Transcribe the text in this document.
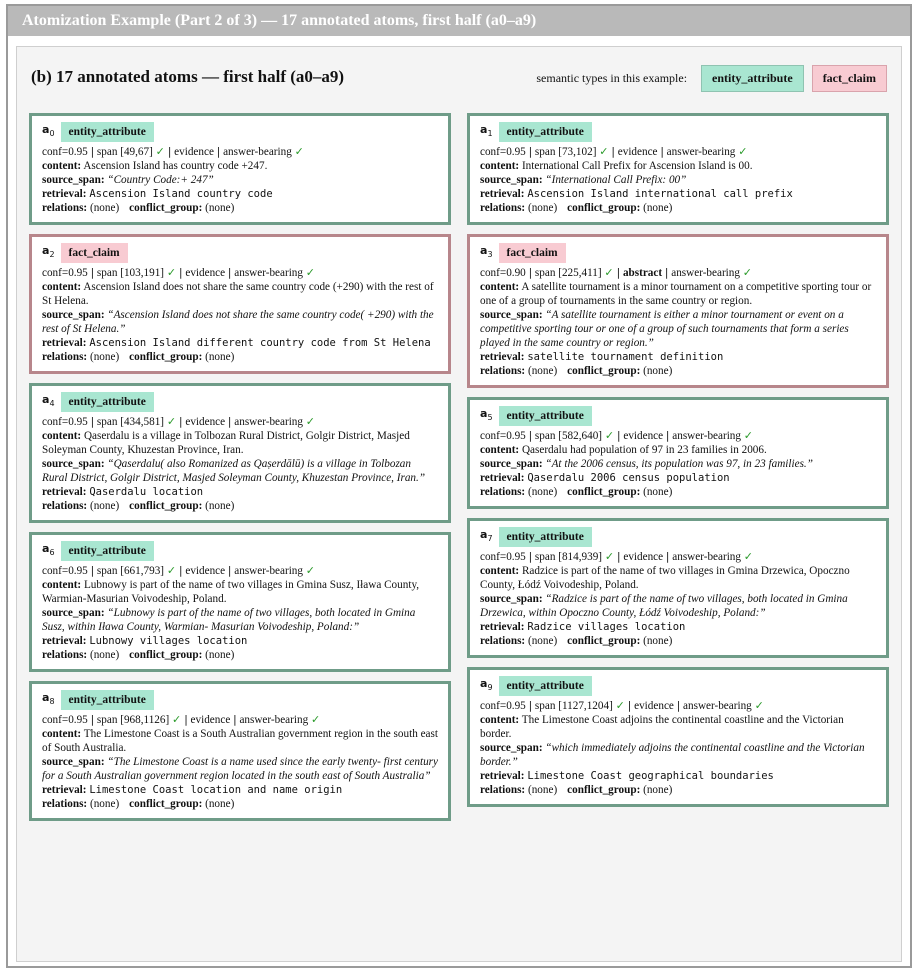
Atomization Example (Part 2 of 3) — 17 annotated atoms, first half (a0–a9)
(b) 17 annotated atoms — first half (a0–a9)	semantic types in this example:	entity_attribute	fact_claim
$a_0$	entity_attribute
conf=0.95 | span [49,67] ✓ | evidence | answer-bearing ✓
content: Ascension Island has country code +247.
source_span: “Country Code:+ 247”
retrieval: Ascension Island country code
relations: (none) conflict_group: (none)
$a_2$	fact_claim
conf=0.95 | span [103,191] ✓ | evidence | answer-bearing ✓
content: Ascension Island does not share the same country code (+290) with the rest of St Helena.
source_span: “Ascension Island does not share the same country code( +290) with the rest of St Helena.”
retrieval: Ascension Island different country code from St Helena
relations: (none) conflict_group: (none)
$a_4$	entity_attribute
conf=0.95 | span [434,581] ✓ | evidence | answer-bearing ✓
content: Qaserdalu is a village in Tolbozan Rural District, Golgir District, Masjed Soleyman County, Khuzestan Province, Iran.
source_span: “Qaserdalu( also Romanized as Qaṣerdālū) is a village in Tolbozan Rural District, Golgir District, Masjed Soleyman County, Khuzestan Province, Iran.”
retrieval: Qaserdalu location
relations: (none) conflict_group: (none)
$a_6$	entity_attribute
conf=0.95 | span [661,793] ✓ | evidence | answer-bearing ✓
content: Lubnowy is part of the name of two villages in Gmina Susz, Iława County, Warmian-Masurian Voivodeship, Poland.
source_span: “Lubnowy is part of the name of two villages, both located in Gmina Susz, within Iława County, Warmian- Masurian Voivodeship, Poland:”
retrieval: Lubnowy villages location
relations: (none) conflict_group: (none)
$a_8$	entity_attribute
conf=0.95 | span [968,1126] ✓ | evidence | answer-bearing ✓
content: The Limestone Coast is a South Australian government region in the south east of South Australia.
source_span: “The Limestone Coast is a name used since the early twenty- first century for a South Australian government region located in the south east of South Australia”
retrieval: Limestone Coast location and name origin
relations: (none) conflict_group: (none)
$a_1$	entity_attribute
conf=0.95 | span [73,102] ✓ | evidence | answer-bearing ✓
content: International Call Prefix for Ascension Island is 00.
source_span: “International Call Prefix: 00”
retrieval: Ascension Island international call prefix
relations: (none) conflict_group: (none)
$a_3$	fact_claim
conf=0.90 | span [225,411] ✓ | abstract | answer-bearing ✓
content: A satellite tournament is a minor tournament on a competitive sporting tour or one of a group of tournaments in the same country or region.
source_span: “A satellite tournament is either a minor tournament or event on a competitive sporting tour or one of a group of such tournaments that form a series played in the same country or region.”
retrieval: satellite tournament definition
relations: (none) conflict_group: (none)
$a_5$	entity_attribute
conf=0.95 | span [582,640] ✓ | evidence | answer-bearing ✓
content: Qaserdalu had population of 97 in 23 families in 2006.
source_span: “At the 2006 census, its population was 97, in 23 families.”
retrieval: Qaserdalu 2006 census population
relations: (none) conflict_group: (none)
$a_7$	entity_attribute
conf=0.95 | span [814,939] ✓ | evidence | answer-bearing ✓
content: Radzice is part of the name of two villages in Gmina Drzewica, Opoczno County, Łódź Voivodeship, Poland.
source_span: “Radzice is part of the name of two villages, both located in Gmina Drzewica, within Opoczno County, Łódź Voivodeship, Poland:”
retrieval: Radzice villages location
relations: (none) conflict_group: (none)
$a_9$	entity_attribute
conf=0.95 | span [1127,1204] ✓ | evidence | answer-bearing ✓
content: The Limestone Coast adjoins the continental coastline and the Victorian border.
source_span: “which immediately adjoins the continental coastline and the Victorian border.”
retrieval: Limestone Coast geographical boundaries
relations: (none) conflict_group: (none)
